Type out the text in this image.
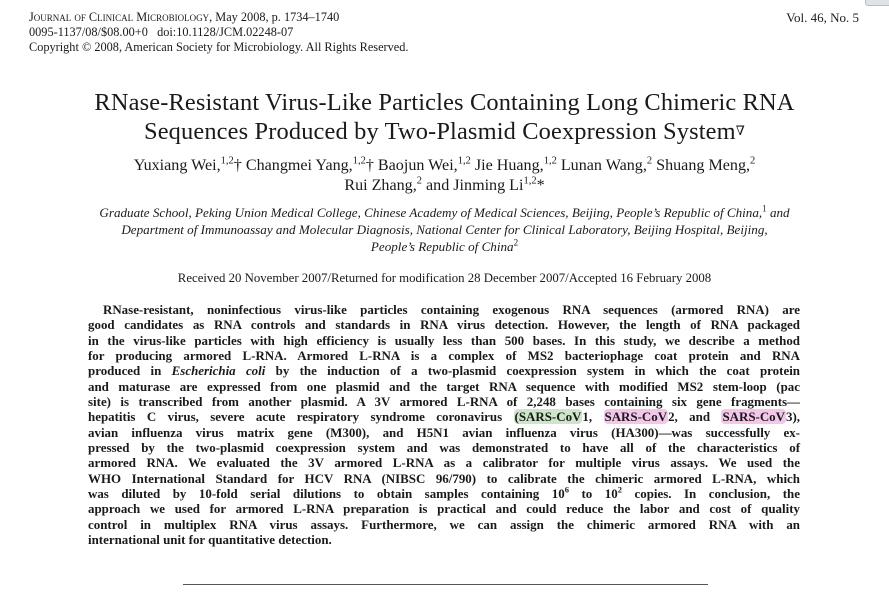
Journal of Clinical Microbiology, May 2008, p. 1734–1740
0095-1137/08/$08.00+0   doi:10.1128/JCM.02248-07
Copyright © 2008, American Society for Microbiology. All Rights Reserved.
Vol. 46, No. 5
RNase-Resistant Virus-Like Particles Containing Long Chimeric RNA
Sequences Produced by Two-Plasmid Coexpression System∇
Yuxiang Wei,$^{1,2}$† Changmei Yang,$^{1,2}$† Baojun Wei,$^{1,2}$ Jie Huang,$^{1,2}$ Lunan Wang,$^2$ Shuang Meng,$^2$
Rui Zhang,$^2$ and Jinming Li$^{1,2}$*
Graduate School, Peking Union Medical College, Chinese Academy of Medical Sciences, Beijing, People’s Republic of China,$^1$ and
Department of Immunoassay and Molecular Diagnosis, National Center for Clinical Laboratory, Beijing Hospital, Beijing,
People’s Republic of China$^2$
Received 20 November 2007/Returned for modification 28 December 2007/Accepted 16 February 2008
RNase-resistant, noninfectious virus-like particles containing exogenous RNA sequences (armored RNA) are
good candidates as RNA controls and standards in RNA virus detection. However, the length of RNA packaged
in the virus-like particles with high efficiency is usually less than 500 bases. In this study, we describe a method
for producing armored L-RNA. Armored L-RNA is a complex of MS2 bacteriophage coat protein and RNA
produced in Escherichia coli by the induction of a two-plasmid coexpression system in which the coat protein
and maturase are expressed from one plasmid and the target RNA sequence with modified MS2 stem-loop (pac
site) is transcribed from another plasmid. A 3V armored L-RNA of 2,248 bases containing six gene fragments—
hepatitis C virus, severe acute respiratory syndrome coronavirus (SARS-CoV1, SARS-CoV2, and SARS-CoV3),
avian influenza virus matrix gene (M300), and H5N1 avian influenza virus (HA300)—was successfully ex-
pressed by the two-plasmid coexpression system and was demonstrated to have all of the characteristics of
armored RNA. We evaluated the 3V armored L-RNA as a calibrator for multiple virus assays. We used the
WHO International Standard for HCV RNA (NIBSC 96/790) to calibrate the chimeric armored L-RNA, which
was diluted by 10-fold serial dilutions to obtain samples containing $10^6$ to $10^2$ copies. In conclusion, the
approach we used for armored L-RNA preparation is practical and could reduce the labor and cost of quality
control in multiplex RNA virus assays. Furthermore, we can assign the chimeric armored RNA with an
international unit for quantitative detection.
